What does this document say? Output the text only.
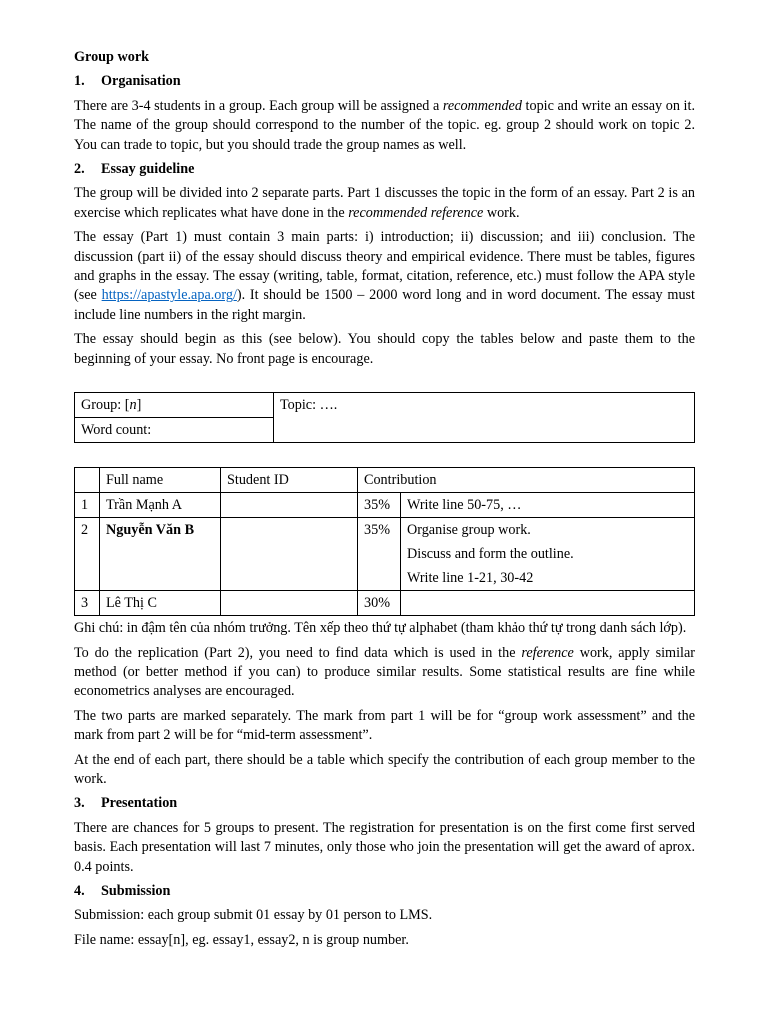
Group work
1. Organisation

There are 3-4 students in a group. Each group will be assigned a recommended topic and write an essay on it. The name of the group should correspond to the number of the topic. eg. group 2 should work on topic 2. You can trade to topic, but you should trade the group names as well.

2. Essay guideline

The group will be divided into 2 separate parts. Part 1 discusses the topic in the form of an essay. Part 2 is an exercise which replicates what have done in the recommended reference work.

The essay (Part 1) must contain 3 main parts: i) introduction; ii) discussion; and iii) conclusion. The discussion (part ii) of the essay should discuss theory and empirical evidence. There must be tables, figures and graphs in the essay. The essay (writing, table, format, citation, reference, etc.) must follow the APA style (see https://apastyle.apa.org/). It should be 1500 – 2000 word long and in word document. The essay must include line numbers in the right margin.

The essay should begin as this (see below). You should copy the tables below and paste them to the beginning of your essay. No front page is encourage.

Group: [n]	Topic: ….
Word count:
	Full name	Student ID	Contribution	
1	Trần Mạnh A		35%	Write line 50-75, …

2	Nguyễn Văn B		35%	Organise group work.
Discuss and form the outline.
Write line 1-21, 30-42

3	Lê Thị C		30%	

Ghi chú: in đậm tên của nhóm trưởng. Tên xếp theo thứ tự alphabet (tham khảo thứ tự trong danh sách lớp).

To do the replication (Part 2), you need to find data which is used in the reference work, apply similar method (or better method if you can) to produce similar results. Some statistical results are fine while econometrics analyses are encouraged.

The two parts are marked separately. The mark from part 1 will be for “group work assessment” and the mark from part 2 will be for “mid-term assessment”.

At the end of each part, there should be a table which specify the contribution of each group member to the work.

3. Presentation

There are chances for 5 groups to present. The registration for presentation is on the first come first served basis. Each presentation will last 7 minutes, only those who join the presentation will get the award of aprox. 0.4 points.

4. Submission

Submission: each group submit 01 essay by 01 person to LMS.

File name: essay[n], eg. essay1, essay2, n is group number.
